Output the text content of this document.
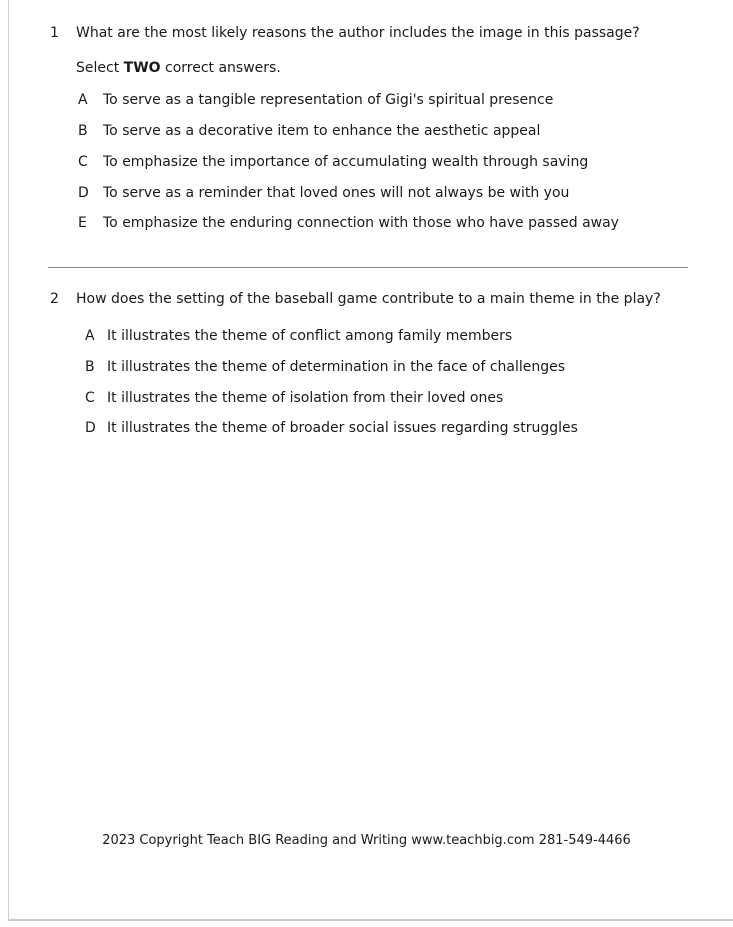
1	What are the most likely reasons the author includes the image in this passage?
Select TWO correct answers.
A	To serve as a tangible representation of Gigi's spiritual presence
B	To serve as a decorative item to enhance the aesthetic appeal
C	To emphasize the importance of accumulating wealth through saving
D	To serve as a reminder that loved ones will not always be with you
E	To emphasize the enduring connection with those who have passed away
2	How does the setting of the baseball game contribute to a main theme in the play?
A It illustrates the theme of conflict among family members
B It illustrates the theme of determination in the face of challenges
C It illustrates the theme of isolation from their loved ones
D It illustrates the theme of broader social issues regarding struggles
2023 Copyright Teach BIG Reading and Writing www.teachbig.com 281-549-4466
